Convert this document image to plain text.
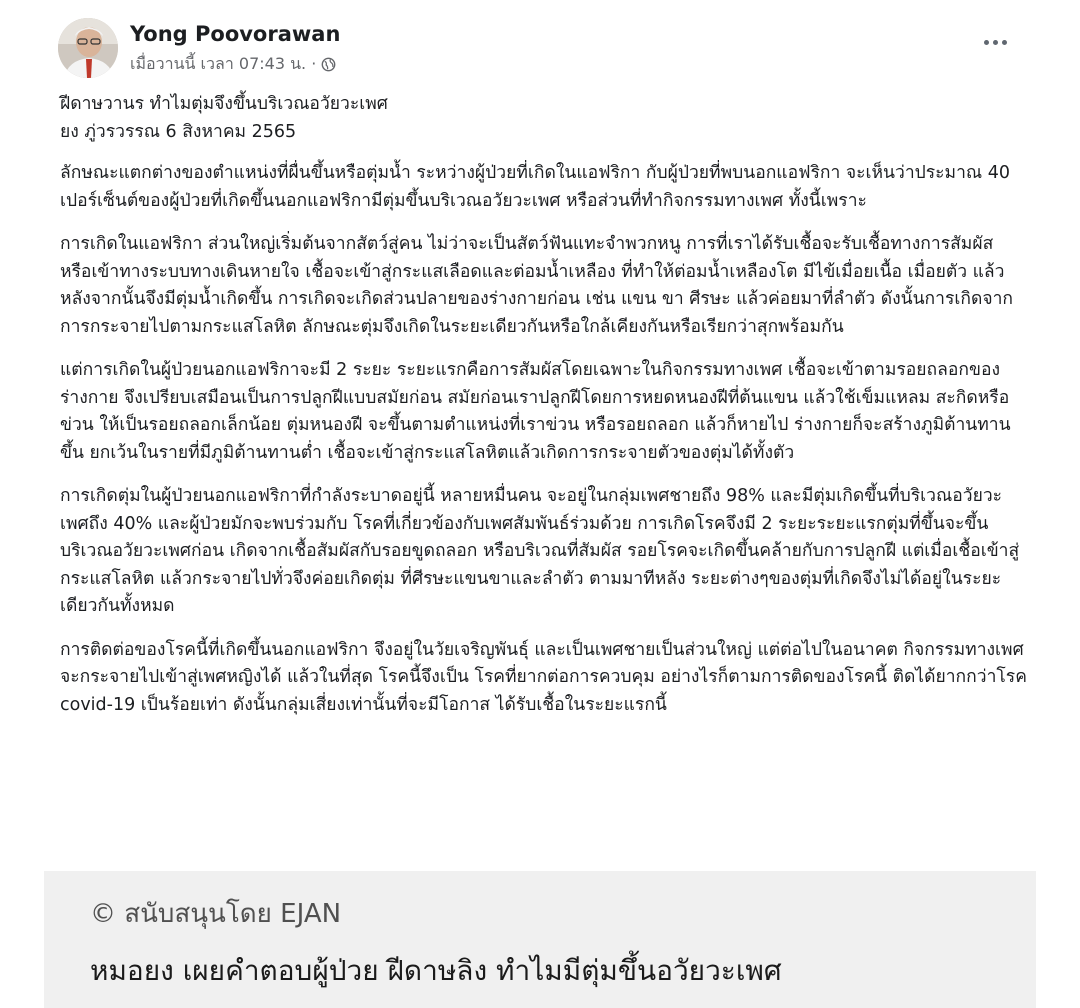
Yong Poovorawan
เมื่อวานนี้ เวลา 07:43 น. ·

ฝีดาษวานร ทำไมตุ่มจึงขึ้นบริเวณอวัยวะเพศ
ยง ภู่วรวรรณ 6 สิงหาคม 2565

ลักษณะแตกต่างของตำแหน่งที่ผื่นขึ้นหรือตุ่มน้ำ ระหว่างผู้ป่วยที่เกิดในแอฟริกา กับผู้ป่วยที่พบนอกแอฟริกา จะเห็นว่าประมาณ 40 เปอร์เซ็นต์ของผู้ป่วยที่เกิดขึ้นนอกแอฟริกามีตุ่มขึ้นบริเวณอวัยวะเพศ หรือส่วนที่ทำกิจกรรมทางเพศ ทั้งนี้เพราะ

การเกิดในแอฟริกา ส่วนใหญ่เริ่มต้นจากสัตว์สู่คน ไม่ว่าจะเป็นสัตว์ฟันแทะจำพวกหนู การที่เราได้รับเชื้อจะรับเชื้อทางการสัมผัส หรือเข้าทางระบบทางเดินหายใจ เชื้อจะเข้าสู่กระแสเลือดและต่อมน้ำเหลือง ที่ทำให้ต่อมน้ำเหลืองโต มีไข้เมื่อยเนื้อ เมื่อยตัว แล้วหลังจากนั้นจึงมีตุ่มน้ำเกิดขึ้น การเกิดจะเกิดส่วนปลายของร่างกายก่อน เช่น แขน ขา ศีรษะ แล้วค่อยมาที่ลำตัว ดังนั้นการเกิดจากการกระจายไปตามกระแสโลหิต ลักษณะตุ่มจึงเกิดในระยะเดียวกันหรือใกล้เคียงกันหรือเรียกว่าสุกพร้อมกัน

แต่การเกิดในผู้ป่วยนอกแอฟริกาจะมี 2 ระยะ ระยะแรกคือการสัมผัสโดยเฉพาะในกิจกรรมทางเพศ เชื้อจะเข้าตามรอยถลอกของร่างกาย จึงเปรียบเสมือนเป็นการปลูกฝีแบบสมัยก่อน สมัยก่อนเราปลูกฝีโดยการหยดหนองฝีที่ต้นแขน แล้วใช้เข็มแหลม สะกิดหรือข่วน ให้เป็นรอยถลอกเล็กน้อย ตุ่มหนองฝี จะขึ้นตามตำแหน่งที่เราข่วน หรือรอยถลอก แล้วก็หายไป ร่างกายก็จะสร้างภูมิต้านทานขึ้น ยกเว้นในรายที่มีภูมิต้านทานต่ำ เชื้อจะเข้าสู่กระแสโลหิตแล้วเกิดการกระจายตัวของตุ่มได้ทั้งตัว

การเกิดตุ่มในผู้ป่วยนอกแอฟริกาที่กำลังระบาดอยู่นี้ หลายหมื่นคน จะอยู่ในกลุ่มเพศชายถึง 98% และมีตุ่มเกิดขึ้นที่บริเวณอวัยวะเพศถึง 40% และผู้ป่วยมักจะพบร่วมกับ โรคที่เกี่ยวข้องกับเพศสัมพันธ์ร่วมด้วย การเกิดโรคจึงมี 2 ระยะระยะแรกตุ่มที่ขึ้นจะขึ้นบริเวณอวัยวะเพศก่อน เกิดจากเชื้อสัมผัสกับรอยขูดถลอก หรือบริเวณที่สัมผัส รอยโรคจะเกิดขึ้นคล้ายกับการปลูกฝี แต่เมื่อเชื้อเข้าสู่กระแสโลหิต แล้วกระจายไปทั่วจึงค่อยเกิดตุ่ม ที่ศีรษะแขนขาและลำตัว ตามมาทีหลัง ระยะต่างๆของตุ่มที่เกิดจึงไม่ได้อยู่ในระยะเดียวกันทั้งหมด

การติดต่อของโรคนี้ที่เกิดขึ้นนอกแอฟริกา จึงอยู่ในวัยเจริญพันธุ์ และเป็นเพศชายเป็นส่วนใหญ่ แต่ต่อไปในอนาคต กิจกรรมทางเพศ จะกระจายไปเข้าสู่เพศหญิงได้ แล้วในที่สุด โรคนี้จึงเป็น โรคที่ยากต่อการควบคุม อย่างไรก็ตามการติดของโรคนี้ ติดได้ยากกว่าโรค covid-19 เป็นร้อยเท่า ดังนั้นกลุ่มเสี่ยงเท่านั้นที่จะมีโอกาส ได้รับเชื้อในระยะแรกนี้

© สนับสนุนโดย EJAN
หมอยง เผยคำตอบผู้ป่วย ฝีดาษลิง ทำไมมีตุ่มขึ้นอวัยวะเพศ
